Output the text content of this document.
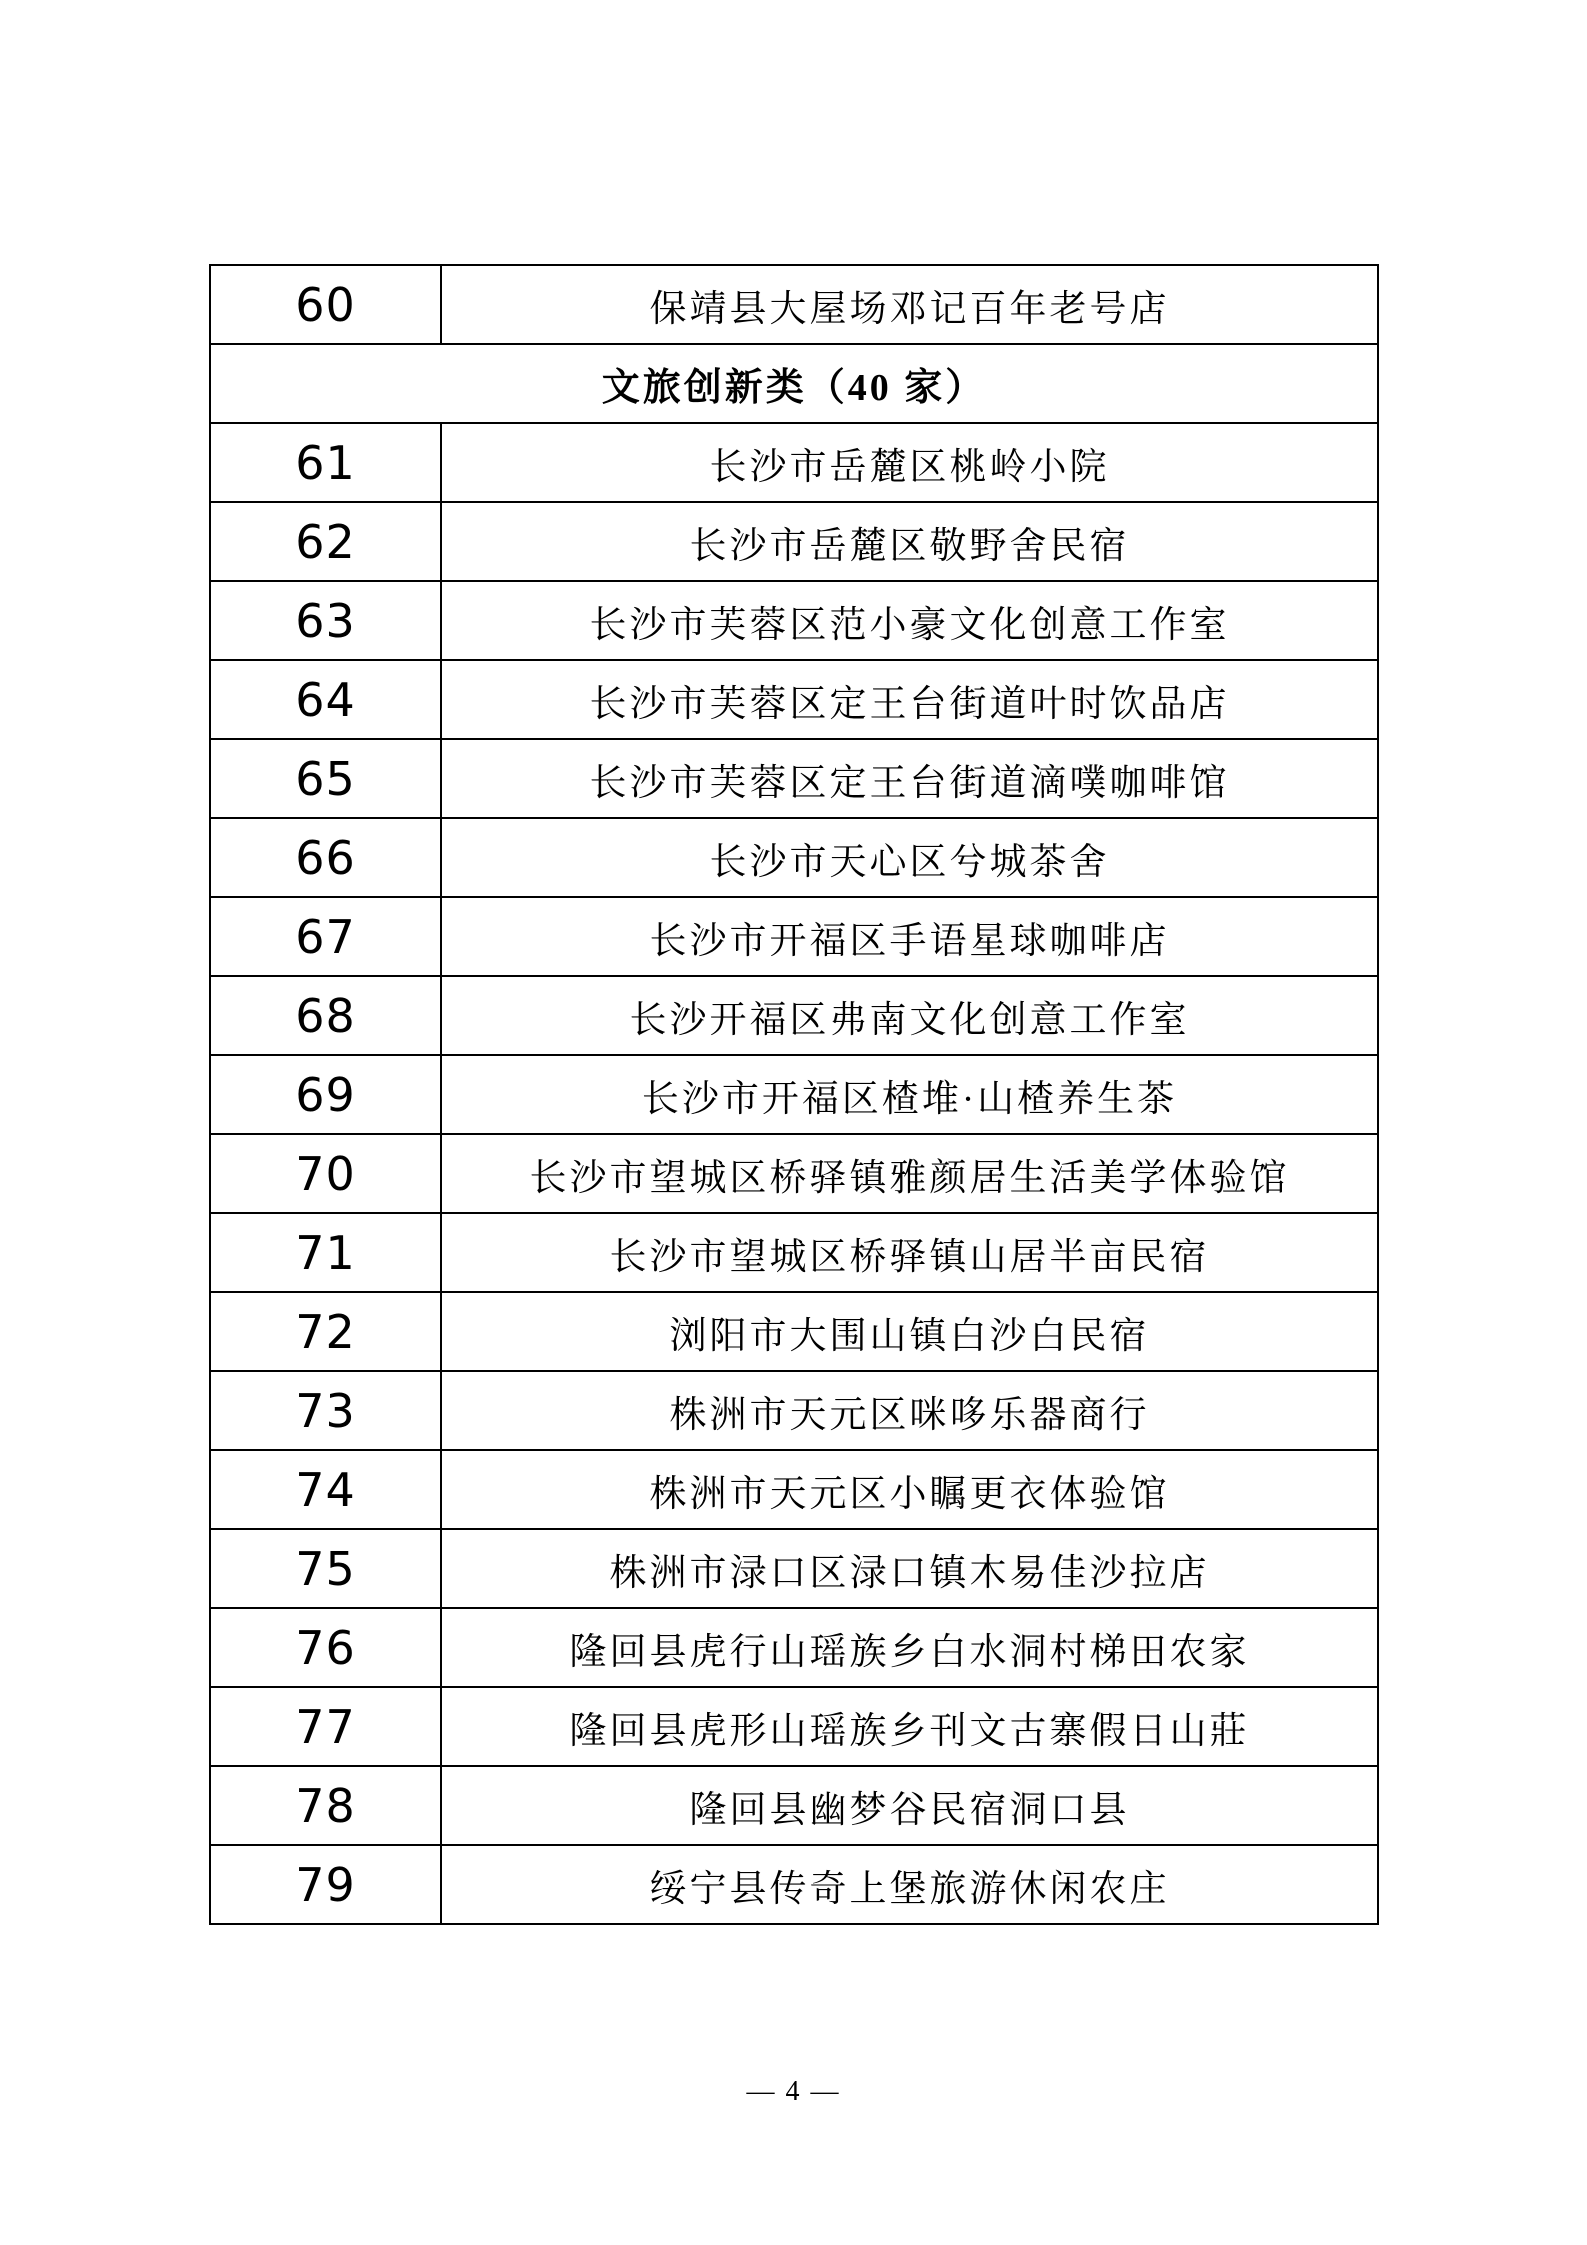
60	保靖县大屋场邓记百年老号店
文旅创新类（40 家）	
61	长沙市岳麓区桃岭小院
62	长沙市岳麓区敬野舍民宿
63	长沙市芙蓉区范小豪文化创意工作室
64	长沙市芙蓉区定王台街道叶时饮品店
65	长沙市芙蓉区定王台街道滴噗咖啡馆
66	长沙市天心区兮城茶舍
67	长沙市开福区手语星球咖啡店
68	长沙开福区弗南文化创意工作室
69	长沙市开福区楂堆·山楂养生茶
70	长沙市望城区桥驿镇雅颜居生活美学体验馆
71	长沙市望城区桥驿镇山居半亩民宿
72	浏阳市大围山镇白沙白民宿
73	株洲市天元区咪哆乐器商行
74	株洲市天元区小瞩更衣体验馆
75	株洲市渌口区渌口镇木易佳沙拉店
76	隆回县虎行山瑶族乡白水洞村梯田农家
77	隆回县虎形山瑶族乡刊文古寨假日山莊
78	隆回县幽梦谷民宿洞口县
79	绥宁县传奇上堡旅游休闲农庄
— 4 —
